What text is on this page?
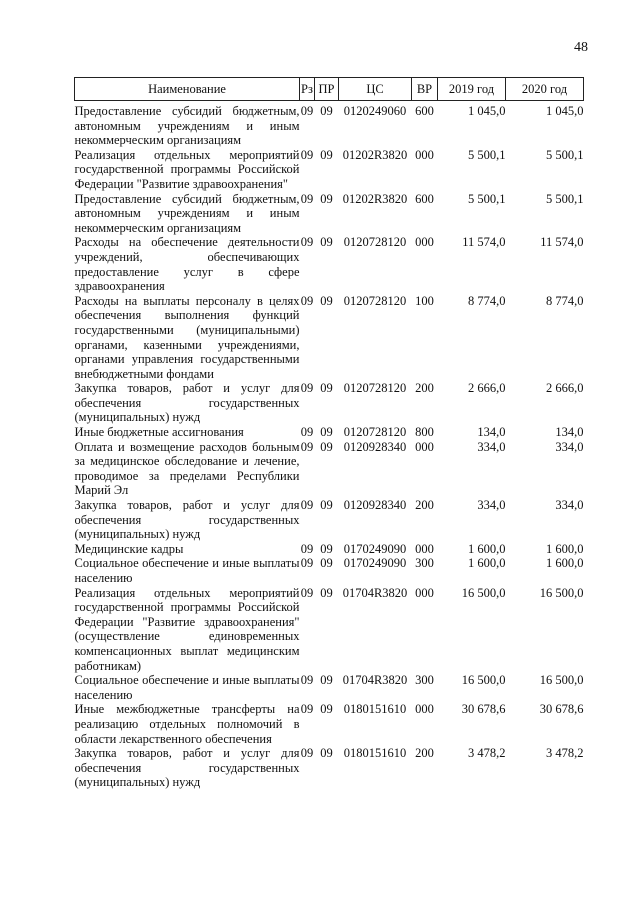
48
Наименование	Рз	ПР	ЦС	ВР	2019 год	2020 год

Предоставление субсидий бюджетным, автономным учреждениям и иным некоммерческим организациям	09	09	0120249060	600	1 045,0	1 045,0
Реализация отдельных мероприятий государственной программы Российской Федерации "Развитие здравоохранения"	09	09	01202R3820	000	5 500,1	5 500,1
Предоставление субсидий бюджетным, автономным учреждениям и иным некоммерческим организациям	09	09	01202R3820	600	5 500,1	5 500,1
Расходы на обеспечение деятельности учреждений, обеспечивающих предоставление услуг в сфере здравоохранения	09	09	0120728120	000	11 574,0	11 574,0
Расходы на выплаты персоналу в целях обеспечения выполнения функций государственными (муниципальными) органами, казенными учреждениями, органами управления государственными внебюджетными фондами	09	09	0120728120	100	8 774,0	8 774,0
Закупка товаров, работ и услуг для обеспечения государственных (муниципальных) нужд	09	09	0120728120	200	2 666,0	2 666,0
Иные бюджетные ассигнования	09	09	0120728120	800	134,0	134,0
Оплата и возмещение расходов больным за медицинское обследование и лечение, проводимое за пределами Республики Марий Эл	09	09	0120928340	000	334,0	334,0
Закупка товаров, работ и услуг для обеспечения государственных (муниципальных) нужд	09	09	0120928340	200	334,0	334,0
Медицинские кадры	09	09	0170249090	000	1 600,0	1 600,0
Социальное обеспечение и иные выплаты населению	09	09	0170249090	300	1 600,0	1 600,0
Реализация отдельных мероприятий государственной программы Российской Федерации "Развитие здравоохранения" (осуществление единовременных компенсационных выплат медицинским работникам)	09	09	01704R3820	000	16 500,0	16 500,0
Социальное обеспечение и иные выплаты населению	09	09	01704R3820	300	16 500,0	16 500,0
Иные межбюджетные трансферты на реализацию отдельных полномочий в области лекарственного обеспечения	09	09	0180151610	000	30 678,6	30 678,6
Закупка товаров, работ и услуг для обеспечения государственных (муниципальных) нужд	09	09	0180151610	200	3 478,2	3 478,2
